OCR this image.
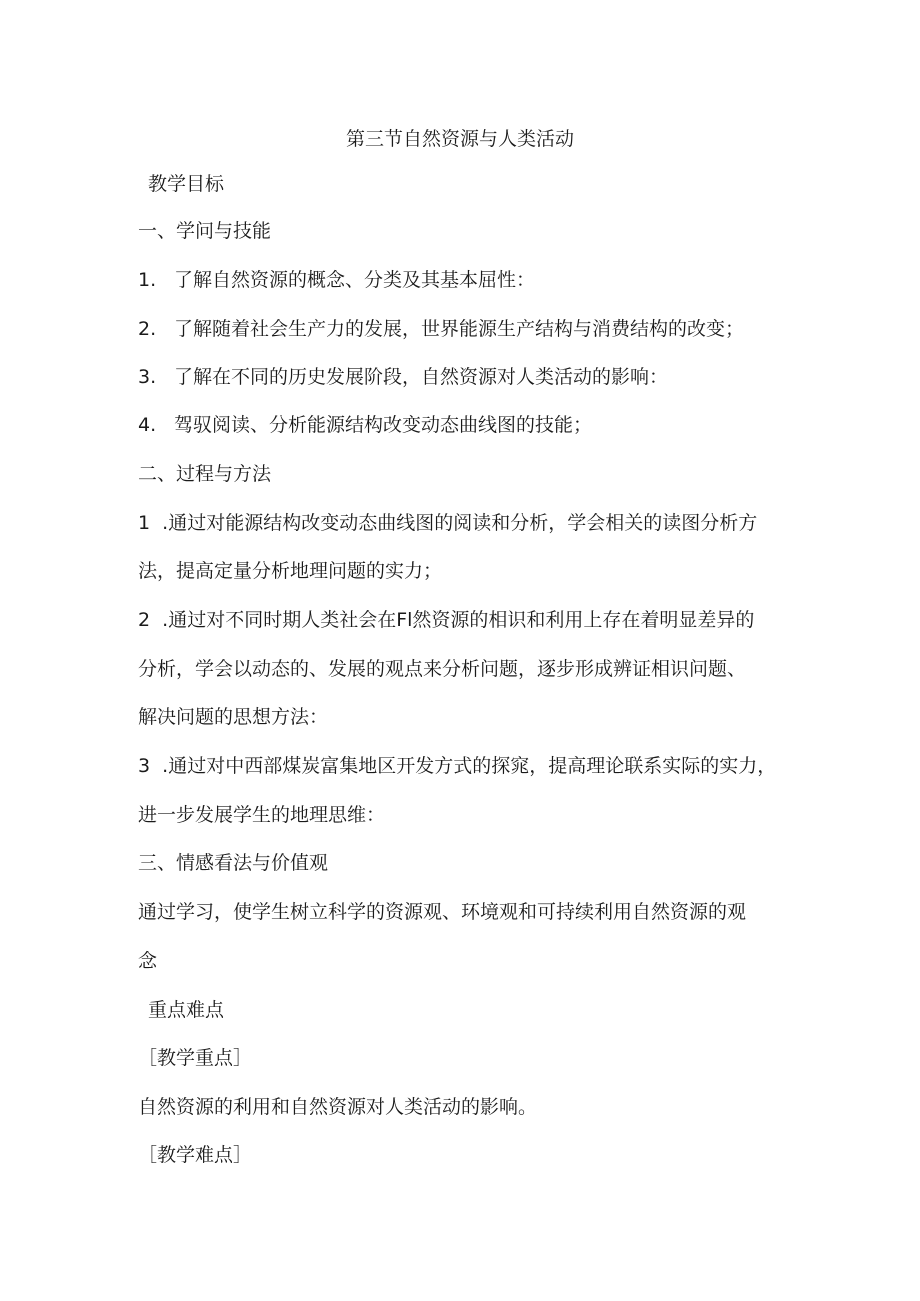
第三节自然资源与人类活动
教学目标
一、学问与技能
1. 了解自然资源的概念、分类及其基本屈性：
2. 了解随着社会生产力的发展，世界能源生产结构与消费结构的改变；
3. 了解在不同的历史发展阶段，自然资源对人类活动的影响：
4. 驾驭阅读、分析能源结构改变动态曲线图的技能；
二、过程与方法
1  .通过对能源结构改变动态曲线图的阅读和分析，学会相关的读图分析方
法，提高定量分析地理问题的实力；
2  .通过对不同时期人类社会在Fl然资源的相识和利用上存在着明显差异的
分析，学会以动态的、发展的观点来分析问题，逐步形成辨证相识问题、
解决问题的思想方法：
3  .通过对中西部煤炭富集地区开发方式的探窕，提高理论联系实际的实力，
进一步发展学生的地理思维：
三、情感看法与价值观
通过学习，使学生树立科学的资源观、环境观和可持续利用自然资源的观
念
重点难点
［教学重点］
自然资源的利用和自然资源对人类活动的影响。
［教学难点］
